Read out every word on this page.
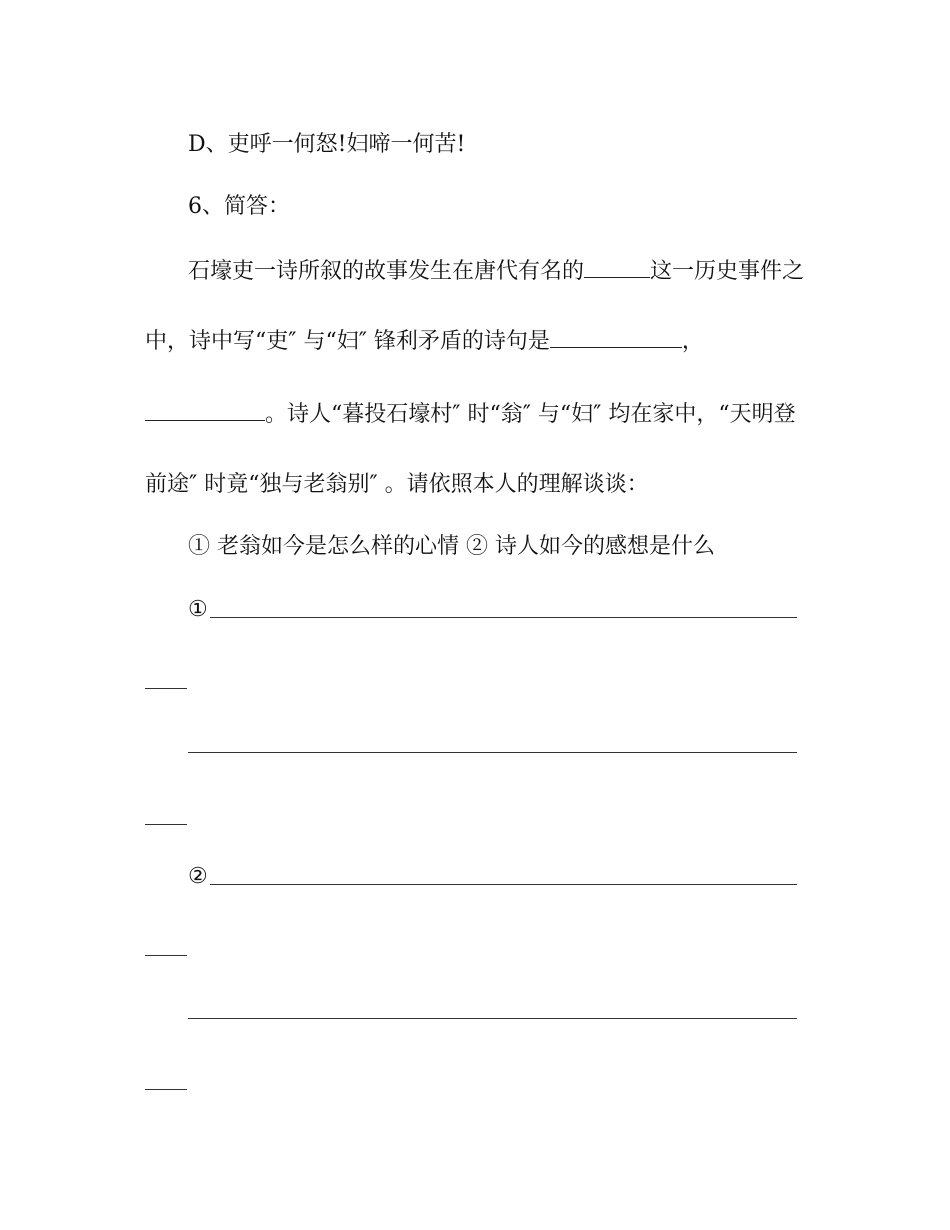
D、吏呼一何怒!妇啼一何苦!
6、简答：
石壕吏一诗所叙的故事发生在唐代有名的	这一历史事件之
中，诗中写“吏″ 与“妇″ 锋利矛盾的诗句是	，
。诗人“暮投石壕村″ 时“翁″ 与“妇″ 均在家中，“天明登
前途″ 时竟“独与老翁别″ 。请依照本人的理解谈谈：
① 老翁如今是怎么样的心情 ② 诗人如今的感想是什么
①
②
